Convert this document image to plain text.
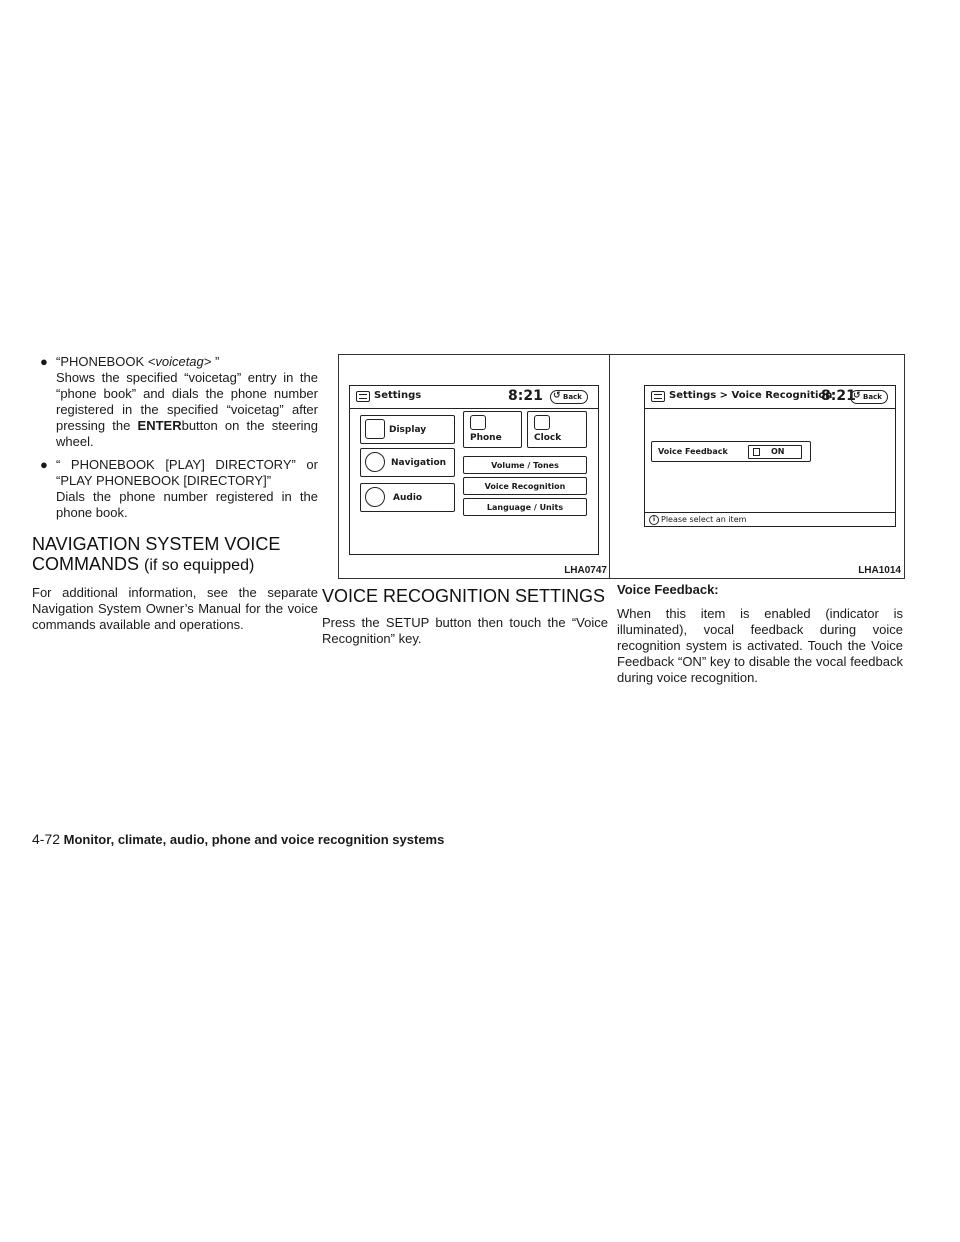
● “PHONEBOOK <voicetag> ”

Shows the specified “voicetag” entry in the “phone book” and dials the phone number registered in the specified “voicetag” after pressing the ENTERbutton on the steering wheel.

● “ PHONEBOOK [PLAY] DIRECTORY” or “PLAY PHONEBOOK [DIRECTORY]”

Dials the phone number registered in the phone book.

NAVIGATION SYSTEM VOICE
COMMANDS (if so equipped)

For additional information, see the separate Navigation System Owner’s Manual for the voice commands available and operations.

Settings	8:21	↺ Back
Display
Navigation
Audio
Phone	Clock
Volume / Tones
Voice Recognition
Language / Units
LHA0747
VOICE RECOGNITION SETTINGS

Press the SETUP button then touch the “Voice Recognition” key.

Settings > Voice Recognition
8:21	↺ Back
Voice Feedback	ON
i Please select an item
LHA1014

Voice Feedback:

When this item is enabled (indicator is illuminated), vocal feedback during voice recognition system is activated. Touch the Voice Feedback “ON” key to disable the vocal feedback during voice recognition.

4-72 Monitor, climate, audio, phone and voice recognition systems
